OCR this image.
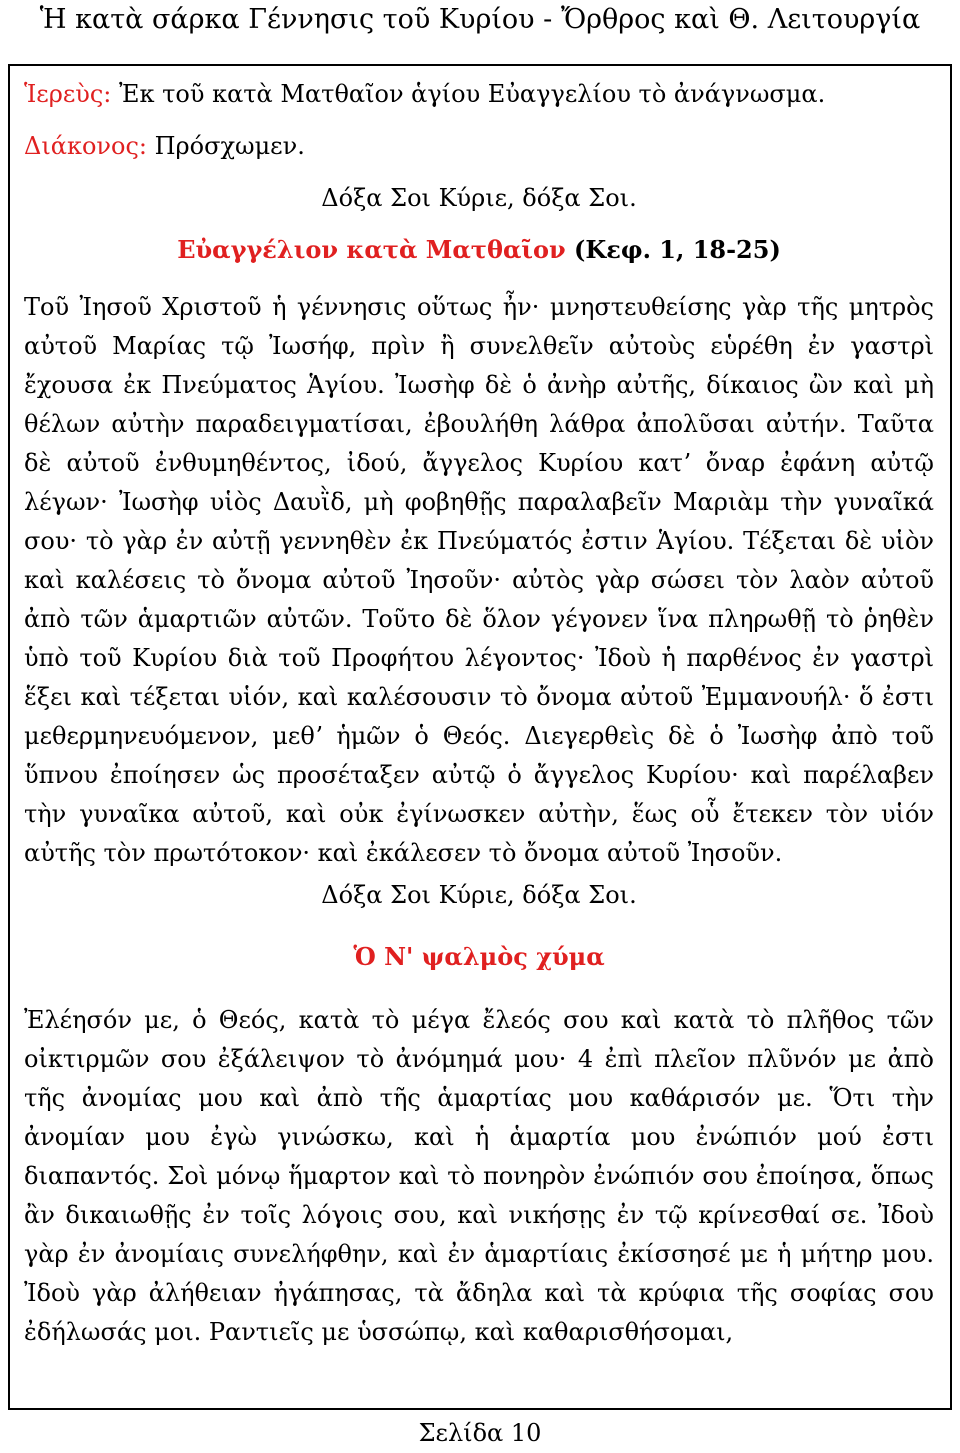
Ἡ κατὰ σάρκα Γέννησις τοῦ Κυρίου - Ὄρθρος καὶ Θ. Λειτουργία
Ἱερεὺς: Ἐκ τοῦ κατὰ Ματθαῖον ἁγίου Εὐαγγελίου τὸ ἀνάγνωσμα.
Διάκονος: Πρόσχωμεν.
Δόξα Σοι Κύριε, δόξα Σοι.
Εὐαγγέλιον κατὰ Ματθαῖον (Κεφ. 1, 18-25)

Τοῦ Ἰησοῦ Χριστοῦ ἡ γέννησις οὕτως ἦν· μνηστευθείσης γὰρ τῆς μητρὸς αὐτοῦ Μαρίας τῷ Ἰωσήφ, πρὶν ἢ συνελθεῖν αὐτοὺς εὑρέθη ἐν γαστρὶ ἔχουσα ἐκ Πνεύματος Ἁγίου. Ἰωσὴφ δὲ ὁ ἀνὴρ αὐτῆς, δίκαιος ὢν καὶ μὴ θέλων αὐτὴν παραδειγματίσαι, ἐβουλήθη λάθρα ἀπολῦσαι αὐτήν. Ταῦτα δὲ αὐτοῦ ἐνθυμηθέντος, ἰδού, ἄγγελος Κυρίου κατʼ ὄναρ ἐφάνη αὐτῷ λέγων· Ἰωσὴφ υἱὸς Δαυῒδ, μὴ φοβηθῇς παραλαβεῖν Μαριὰμ τὴν γυναῖκά σου· τὸ γὰρ ἐν αὐτῇ γεννηθὲν ἐκ Πνεύματός ἐστιν Ἁγίου. Τέξεται δὲ υἱὸν καὶ καλέσεις τὸ ὄνομα αὐτοῦ Ἰησοῦν· αὐτὸς γὰρ σώσει τὸν λαὸν αὐτοῦ ἀπὸ τῶν ἁμαρτιῶν αὐτῶν. Τοῦτο δὲ ὅλον γέγονεν ἵνα πληρωθῇ τὸ ῥηθὲν ὑπὸ τοῦ Κυρίου διὰ τοῦ Προφήτου λέγοντος· Ἰδοὺ ἡ παρθένος ἐν γαστρὶ ἕξει καὶ τέξεται υἱόν, καὶ καλέσουσιν τὸ ὄνομα αὐτοῦ Ἐμμανουήλ· ὅ ἐστι μεθερμηνευόμενον, μεθʼ ἡμῶν ὁ Θεός. Διεγερθεὶς δὲ ὁ Ἰωσὴφ ἀπὸ τοῦ ὕπνου ἐποίησεν ὡς προσέταξεν αὐτῷ ὁ ἄγγελος Κυρίου· καὶ παρέλαβεν τὴν γυναῖκα αὐτοῦ, καὶ οὐκ ἐγίνωσκεν αὐτὴν, ἕως οὗ ἔτεκεν τὸν υἱόν αὐτῆς τὸν πρωτότοκον· καὶ ἐκάλεσεν τὸ ὄνομα αὐτοῦ Ἰησοῦν.

Δόξα Σοι Κύριε, δόξα Σοι.
Ὁ Ν' ψαλμὸς χύμα

Ἐλέησόν με, ὁ Θεός, κατὰ τὸ μέγα ἔλεός σου καὶ κατὰ τὸ πλῆθος τῶν οἰκτιρμῶν σου ἐξάλειψον τὸ ἀνόμημά μου· 4 ἐπὶ πλεῖον πλῦνόν με ἀπὸ τῆς ἀνομίας μου καὶ ἀπὸ τῆς ἁμαρτίας μου καθάρισόν με. Ὅτι τὴν ἀνομίαν μου ἐγὼ γινώσκω, καὶ ἡ ἁμαρτία μου ἐνώπιόν μού ἐστι διαπαντός. Σοὶ μόνῳ ἥμαρτον καὶ τὸ πονηρὸν ἐνώπιόν σου ἐποίησα, ὅπως ἂν δικαιωθῇς ἐν τοῖς λόγοις σου, καὶ νικήσῃς ἐν τῷ κρίνεσθαί σε. Ἰδοὺ γὰρ ἐν ἀνομίαις συνελήφθην, καὶ ἐν ἁμαρτίαις ἐκίσσησέ με ἡ μήτηρ μου. Ἰδοὺ γὰρ ἀλήθειαν ἠγάπησας, τὰ ἄδηλα καὶ τὰ κρύφια τῆς σοφίας σου ἐδήλωσάς μοι. Ραντιεῖς με ὑσσώπῳ, καὶ καθαρισθήσομαι,

Σελίδα 10
